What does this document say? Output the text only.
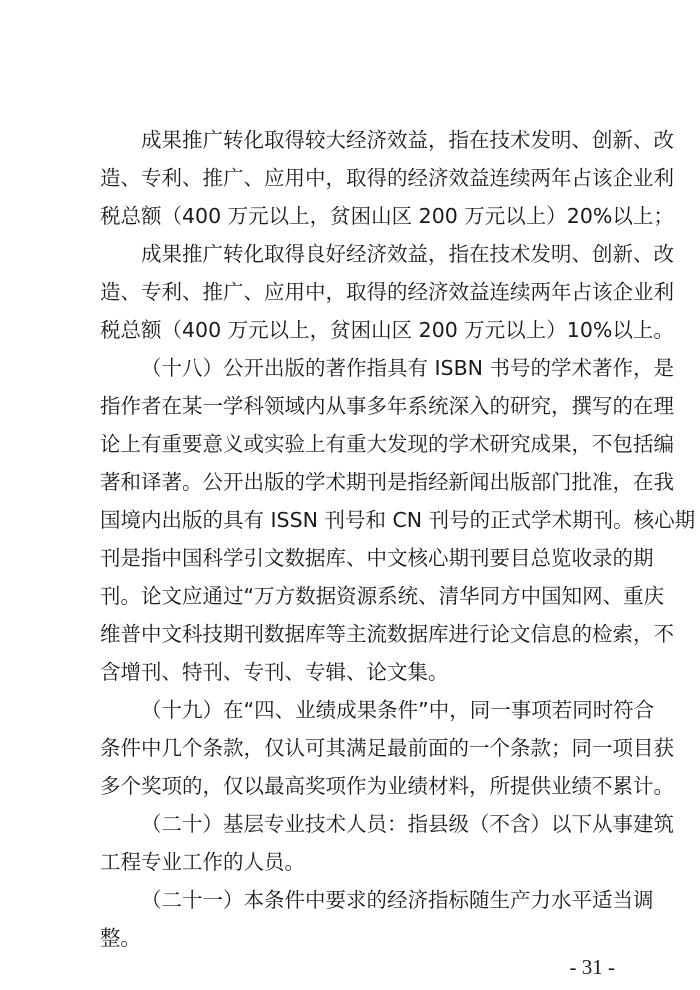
成果推广转化取得较大经济效益，指在技术发明、创新、改
造、专利、推广、应用中，取得的经济效益连续两年占该企业利
税总额（400 万元以上，贫困山区 200 万元以上）20%以上；
成果推广转化取得良好经济效益，指在技术发明、创新、改
造、专利、推广、应用中，取得的经济效益连续两年占该企业利
税总额（400 万元以上，贫困山区 200 万元以上）10%以上。
（十八）公开出版的著作指具有 ISBN 书号的学术著作，是
指作者在某一学科领域内从事多年系统深入的研究，撰写的在理
论上有重要意义或实验上有重大发现的学术研究成果，不包括编
著和译著。公开出版的学术期刊是指经新闻出版部门批准，在我
国境内出版的具有 ISSN 刊号和 CN 刊号的正式学术期刊。核心期
刊是指中国科学引文数据库、中文核心期刊要目总览收录的期
刊。论文应通过“万方数据资源系统、清华同方中国知网、重庆
维普中文科技期刊数据库等主流数据库进行论文信息的检索，不
含增刊、特刊、专刊、专辑、论文集。
（十九）在“四、业绩成果条件”中，同一事项若同时符合
条件中几个条款，仅认可其满足最前面的一个条款；同一项目获
多个奖项的，仅以最高奖项作为业绩材料，所提供业绩不累计。
（二十）基层专业技术人员：指县级（不含）以下从事建筑
工程专业工作的人员。
（二十一）本条件中要求的经济指标随生产力水平适当调
整。
- 31 -
